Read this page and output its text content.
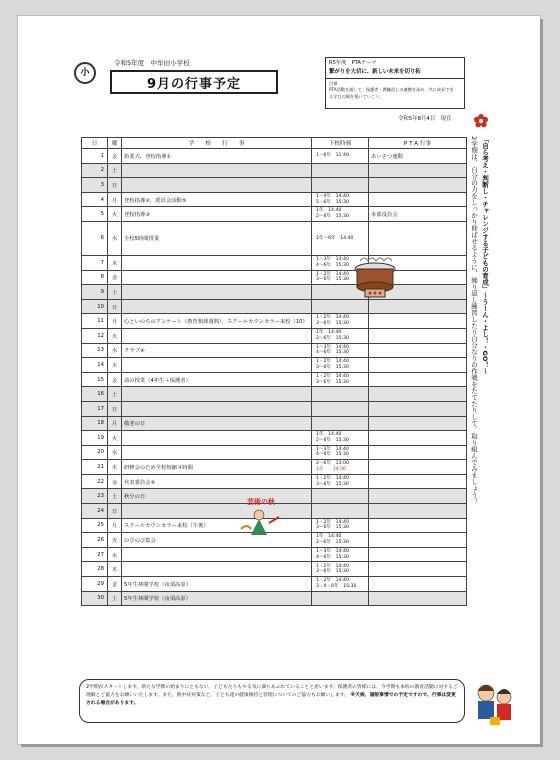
小
令和5年度　中牟田小学校
9月の行事予定
R5年度　PTAテーマ
繋がりを大切に、新しい未来を切り拓
目標
PTA活動を通して、保護者・教職員との連携を深め、共に成長でき
る学びの場を築いていこう。
令和5年8月4日　現在
日	曜	学　　校　　行　　事	下校時刻	P T A 行事
1	金	始業式，登校指導①	1～6年　11:40	あいさつ運動
2	土			
3	日			
4	月	登校指導②，委員会活動⑤	1～4年　14:40
5・6年　15:30	

5	火	登校指導③	1年　14:40
2～6年　15:30	本部役員会
6	水	全校5時間授業	1年～6年　14:40	
7	木		1～3年　14:40
4～6年　15:30	

8	金		1・2年　14:40
3～6年　15:30	

9	土			
10	日			
11	月	心といのちのアンケート（教育相談週間），スクールカウンセラー来校（10）	1・2年　14:40
3～6年　15:30	

12	火		1年　14:40
2～6年　15:30	

13	水	クラブ④	1～3年　14:40
4～6年　15:30	

14	木		1・2年　14:40
3～6年　15:30	

15	金	命の授業（4年生＋保護者）	1・2年　14:40
3～6年　15:30	

16	土			
17	日			
18	月	敬老の日		
19	火		1年　14:40
2～6年　15:30	

20	水		1～3年　14:40
4～6年　15:30	

21	木	研修会のため全校短縮４時間	2～6年　13:00
1年　　14:30	

22	金	代表委員会⑤	1・2年　14:40
3～6年　15:30	

23	土	秋分の日		
24	日			
25	月	スクールカウンセラー来校（午後）	1・2年　14:40
3～6年　15:30	

26	火	のびのび集会	1年　14:40
2～6年　15:30	

27	水		1～3年　14:40
4～6年　15:30	

28	木		1・2年　14:40
3～6年　15:30	

29	金	5年生林間学校（夜須高原）	1・2年　14:40
3・4・6年　15:30	

30	土	5年生林間学校（夜須高原）		
芸術の秋
「自ら考え・判断し・チャレンジする子どもの育成」～うーん・よし！・GO！～
2学期は、自分の力をしっかり伸ばせるように、繰り返し練習したり自分なりの作戦をたてたりして、取り組んでみましょう！
2学期がスタートします。新たな学期の始まりにともない、子どもたちもやる気に満ちあふれていることと思います。保護者の皆様には、今学期も本校の教育活動に対するご理解とご協力をお願いいたします。また、熱中症対策など、子ども達の健康維持と管理についてのご協力もお願いします。 ※天候、諸般事情での予定ですので、行事は変更される場合があります。
